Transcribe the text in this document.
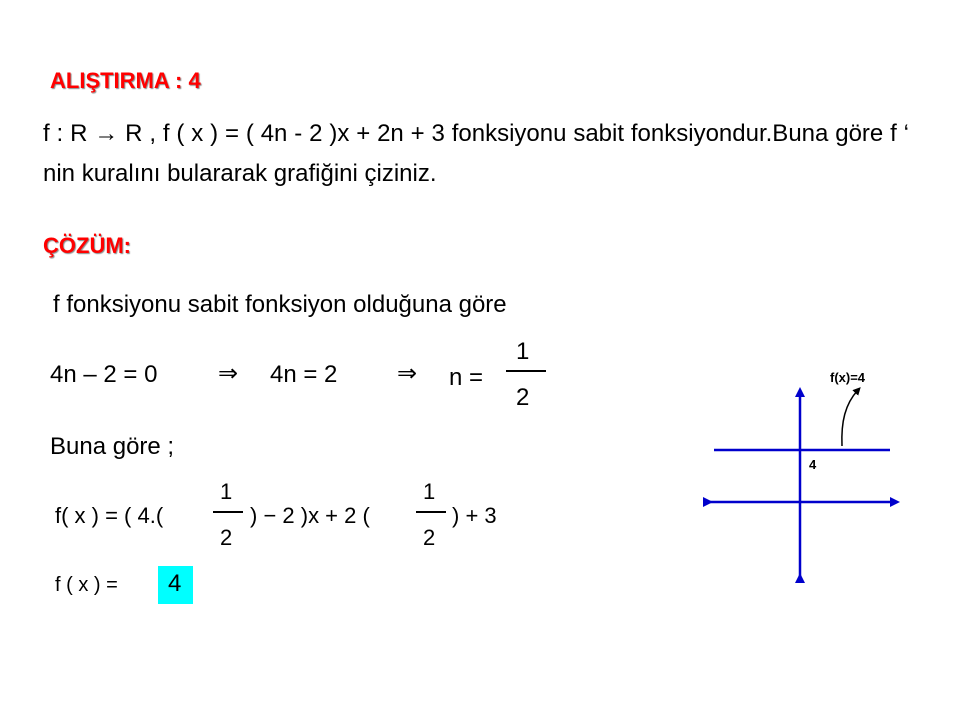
ALIŞTIRMA : 4
f : R → R , f ( x ) = ( 4n - 2 )x + 2n + 3 fonksiyonu sabit fonksiyondur.Buna göre f ‘ nin kuralını bulararak grafiğini çiziniz.
ÇÖZÜM:
f fonksiyonu sabit fonksiyon olduğuna göre
4n – 2 = 0	⇒ 4n = 2 ⇒ n =
1
2
Buna göre ;
f( x ) = ( 4.(
1
2
) − 2 )x + 2 (
1
2
) + 3
f ( x ) = 4
f(x)=4
4
